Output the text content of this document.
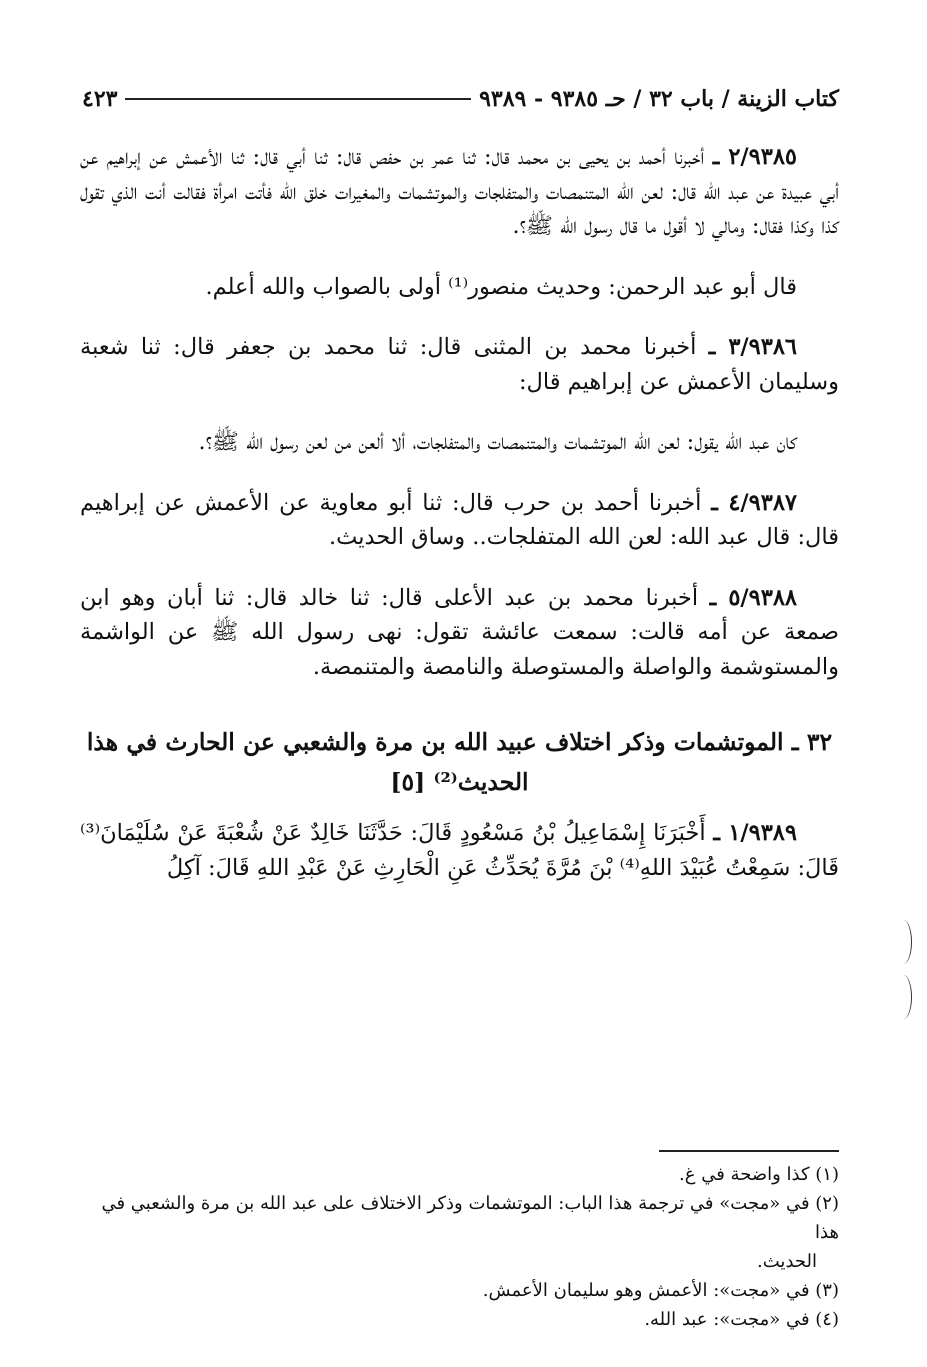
كتاب الزينة / باب ٣٢ / حـ ٩٣٨٥ - ٩٣٨٩
٤٢٣

٢/٩٣٨٥ ـ أخبرنا أحمد بن يحيى بن محمد قال: ثنا عمر بن حفص قال: ثنا أبي قال: ثنا الأعمش عن إبراهيم عن أبي عبيدة عن عبد الله قال: لعن الله المتنمصات والمتفلجات والموتشمات والمغيرات خلق الله فأتت امرأة فقالت أنت الذي تقول كذا وكذا فقال: ومالي لا أقول ما قال رسول الله ﷺ؟.

قال أبو عبد الرحمن: وحديث منصور⁽¹⁾ أولى بالصواب والله أعلم.

٣/٩٣٨٦ ـ أخبرنا محمد بن المثنى قال: ثنا محمد بن جعفر قال: ثنا شعبة وسليمان الأعمش عن إبراهيم قال:

كان عبد الله يقول: لعن الله الموتشمات والمتنمصات والمتفلجات، ألا ألعن من لعن رسول الله ﷺ؟.

٤/٩٣٨٧ ـ أخبرنا أحمد بن حرب قال: ثنا أبو معاوية عن الأعمش عن إبراهيم قال: قال عبد الله: لعن الله المتفلجات.. وساق الحديث.

٥/٩٣٨٨ ـ أخبرنا محمد بن عبد الأعلى قال: ثنا خالد قال: ثنا أبان وهو ابن صمعة عن أمه قالت: سمعت عائشة تقول: نهى رسول الله ﷺ عن الواشمة والمستوشمة والواصلة والمستوصلة والنامصة والمتنمصة.

٣٢ ـ الموتشمات وذكر اختلاف عبيد الله بن مرة والشعبي عن الحارث في هذا
الحديث⁽²⁾ [٥]

١/٩٣٨٩ ـ أَخْبَرَنَا إِسْمَاعِيلُ بْنُ مَسْعُودٍ قَالَ: حَدَّثَنَا خَالِدٌ عَنْ شُعْبَةَ عَنْ سُلَيْمَانَ⁽³⁾ قَالَ: سَمِعْتُ عُبَيْدَ اللهِ⁽⁴⁾ بْنَ مُرَّةَ يُحَدِّثُ عَنِ الْحَارِثِ عَنْ عَبْدِ اللهِ قَالَ: آكِلُ

(١) كذا واضحة في غ.

(٢) في «مجت» في ترجمة هذا الباب: الموتشمات وذكر الاختلاف على عبد الله بن مرة والشعبي في هذا
الحديث.

(٣) في «مجت»: الأعمش وهو سليمان الأعمش.

(٤) في «مجت»: عبد الله.
